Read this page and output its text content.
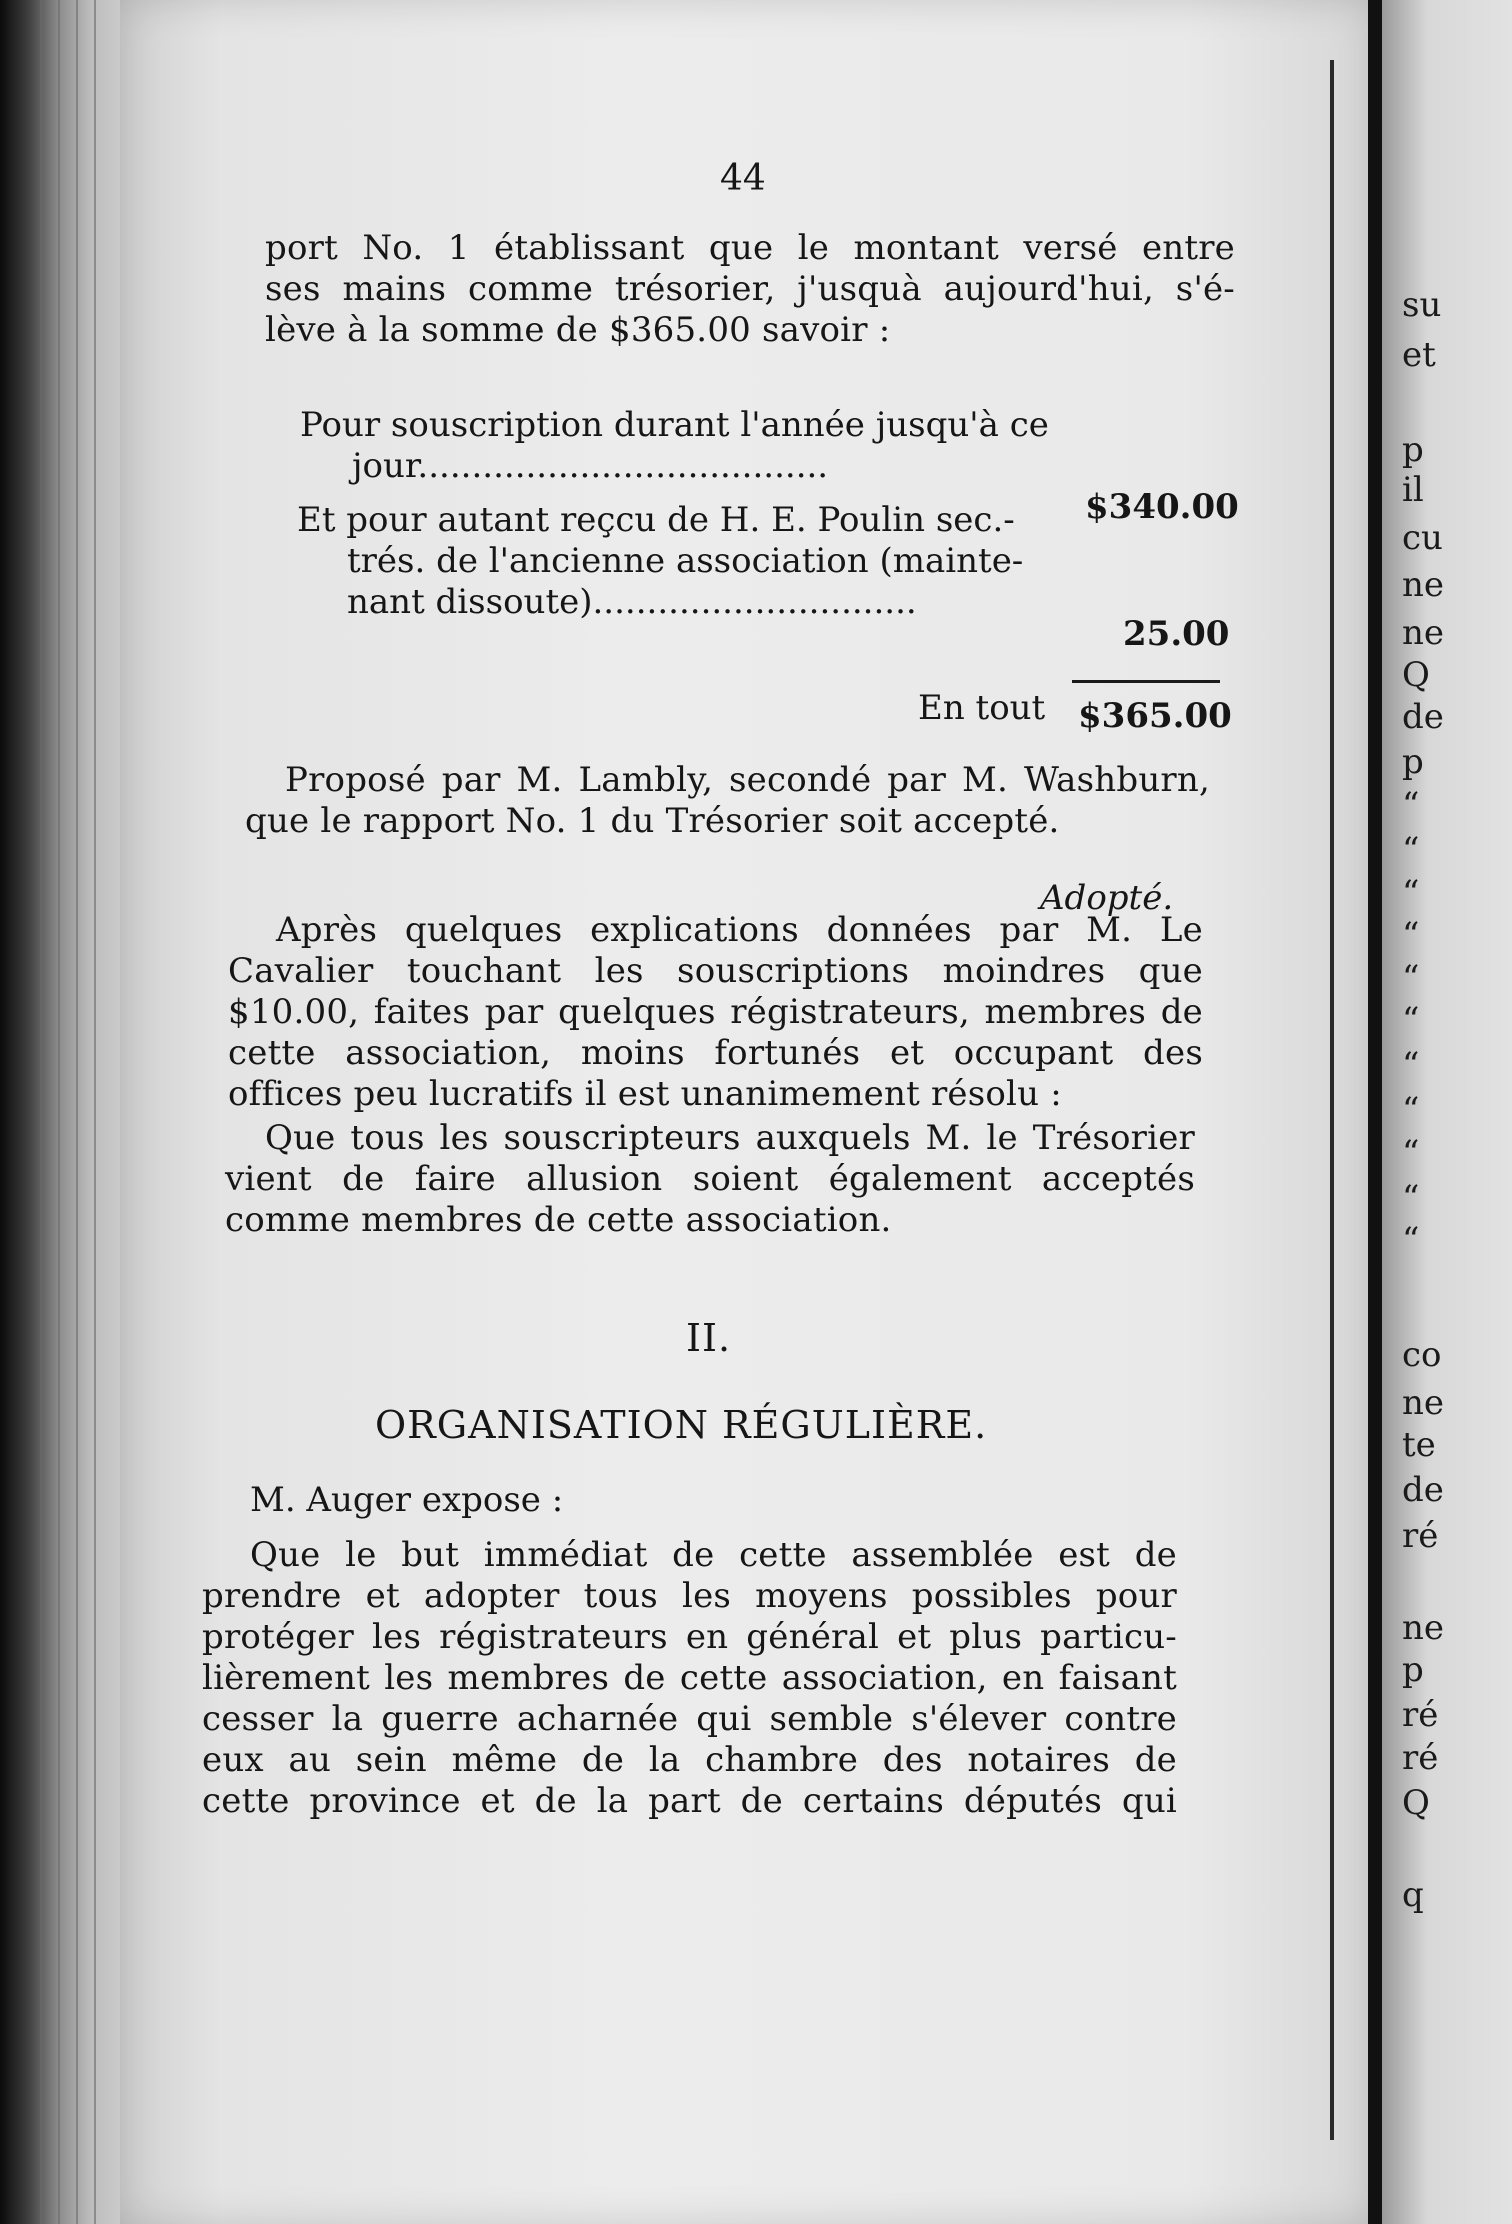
su
et
p
il
cu
ne
ne
Q
de
p
“
“
“
“
“
“
“
“
“
“
“
co
ne
te
de
ré
ne
p
ré
ré
Q
q
44
port No. 1 établissant que le montant versé entre
ses mains comme trésorier, j'usquà aujourd'hui, s'é-
lève à la somme de $365.00 savoir :
Pour souscription durant l'année jusqu'à ce
jour......................................
$340.00
Et pour autant reçcu de H. E. Poulin sec.-
trés. de l'ancienne association (mainte-
nant dissoute)..............................
25.00
En tout $365.00
Proposé par M. Lambly, secondé par M. Washburn,
que le rapport No. 1 du Trésorier soit accepté.
Adopté.
Après quelques explications données par M. Le
Cavalier touchant les souscriptions moindres que
$10.00, faites par quelques régistrateurs, membres de
cette association, moins fortunés et occupant des
offices peu lucratifs il est unanimement résolu :
Que tous les souscripteurs auxquels M. le Trésorier
vient de faire allusion soient également acceptés
comme membres de cette association.
II.
ORGANISATION RÉGULIÈRE.
M. Auger expose :
Que le but immédiat de cette assemblée est de
prendre et adopter tous les moyens possibles pour
protéger les régistrateurs en général et plus particu-
lièrement les membres de cette association, en faisant
cesser la guerre acharnée qui semble s'élever contre
eux au sein même de la chambre des notaires de
cette province et de la part de certains députés qui
